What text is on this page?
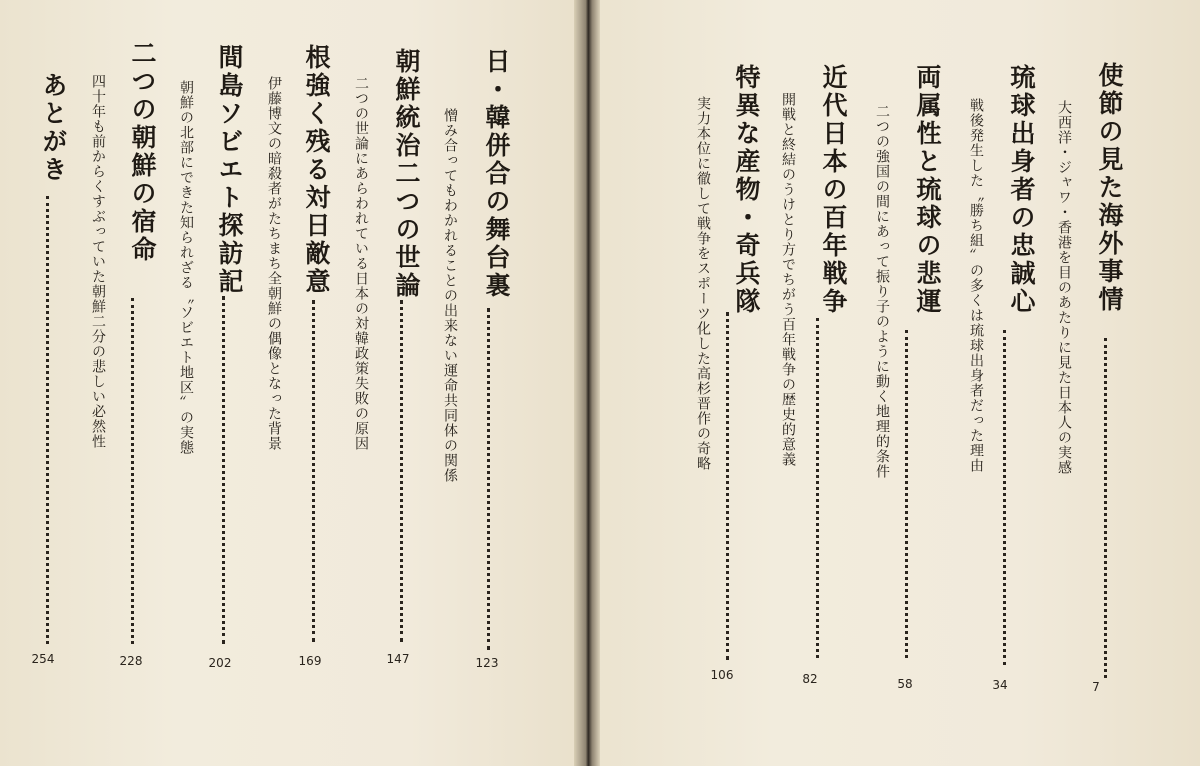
使節の見た海外事情
大西洋・ジャワ・香港を目のあたりに見た日本人の実感
7
琉球出身者の忠誠心
戦後発生した〝勝ち組〟の多くは琉球出身者だった理由
34
両属性と琉球の悲運
二つの強国の間にあって振り子のように動く地理的条件
58
近代日本の百年戦争
開戦と終結のうけとり方でちがう百年戦争の歴史的意義
82
特異な産物・奇兵隊
実力本位に徹して戦争をスポーツ化した高杉晋作の奇略
106
日・韓併合の舞台裏
憎み合ってもわかれることの出来ない運命共同体の関係
123
朝鮮統治二つの世論
二つの世論にあらわれている日本の対韓政策失敗の原因
147
根強く残る対日敵意
伊藤博文の暗殺者がたちまち全朝鮮の偶像となった背景
169
間島ソビエト探訪記
朝鮮の北部にできた知られざる〝ソビエト地区〟の実態
202
二つの朝鮮の宿命
四十年も前からくすぶっていた朝鮮二分の悲しい必然性
228
あとがき
254
